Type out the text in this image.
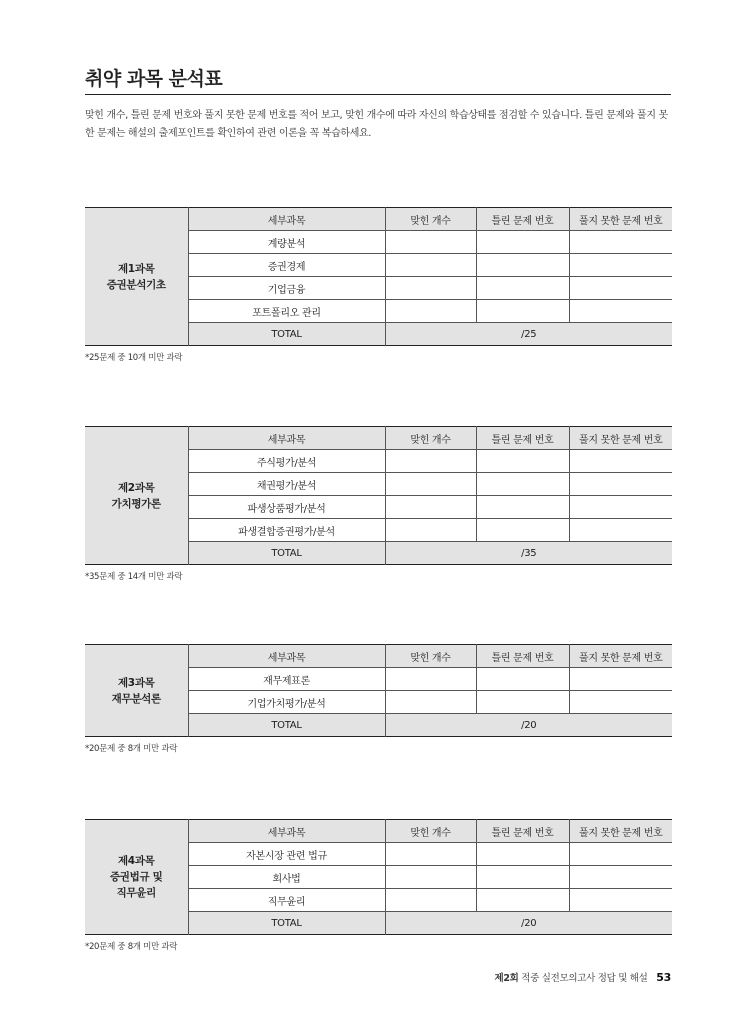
취약 과목 분석표
맞힌 개수, 틀린 문제 번호와 풀지 못한 문제 번호를 적어 보고, 맞힌 개수에 따라 자신의 학습상태를 점검할 수 있습니다. 틀린 문제와 풀지 못한 문제는 해설의 출제포인트를 확인하여 관련 이론을 꼭 복습하세요.
제1과목
증권분석기초	세부과목	맞힌 개수	틀린 문제 번호	풀지 못한 문제 번호
	계량분석			
	증권경제			
	기업금융			
	포트폴리오 관리			
	TOTAL	/25		
*25문제 중 10개 미만 과락
제2과목
가치평가론	세부과목	맞힌 개수	틀린 문제 번호	풀지 못한 문제 번호
	주식평가/분석			
	채권평가/분석			
	파생상품평가/분석			
	파생결합증권평가/분석			
	TOTAL	/35		
*35문제 중 14개 미만 과락
제3과목
재무분석론	세부과목	맞힌 개수	틀린 문제 번호	풀지 못한 문제 번호
	재무제표론			
	기업가치평가/분석			
	TOTAL	/20		
*20문제 중 8개 미만 과락
제4과목
증권법규 및
직무윤리	세부과목	맞힌 개수	틀린 문제 번호	풀지 못한 문제 번호
	자본시장 관련 법규			
	회사법			
	직무윤리			
	TOTAL	/20		
*20문제 중 8개 미만 과락
제2회 적중 실전모의고사 정답 및 해설 53
